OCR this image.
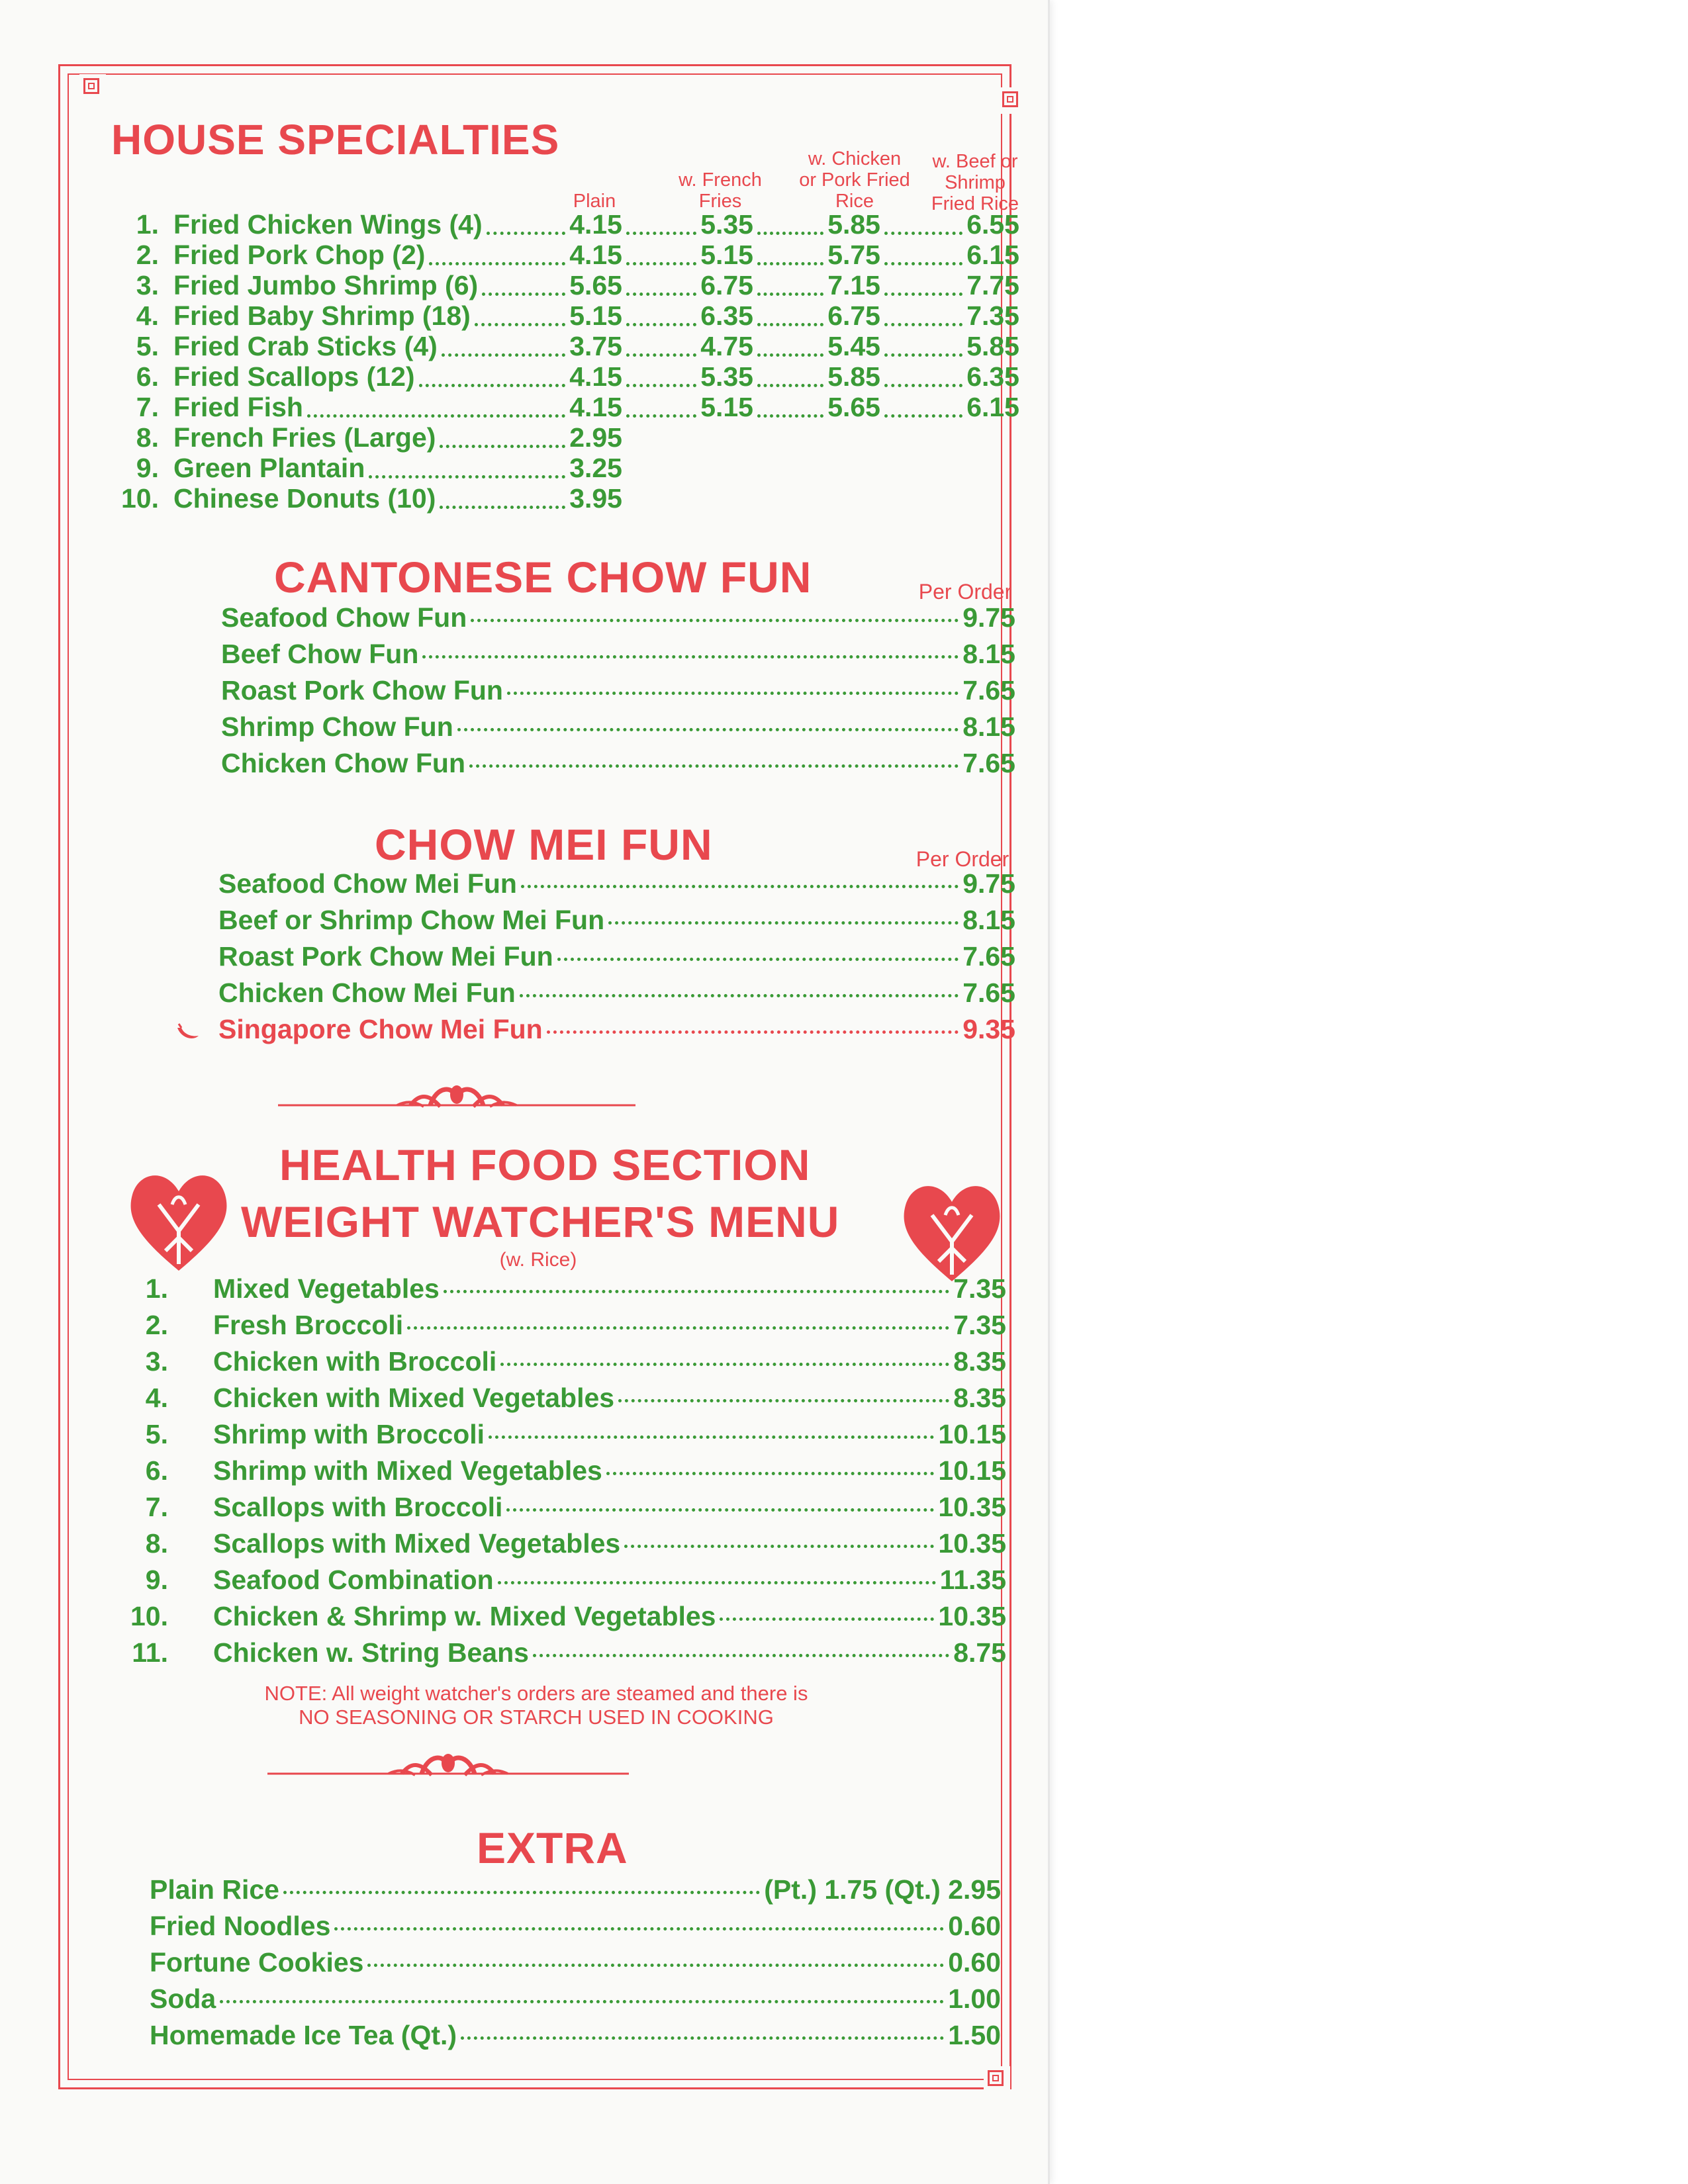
HOUSE SPECIALTIES
Plain
w. French Fries
w. Chicken or Pork Fried Rice
w. Beef or Shrimp Fried Rice
1. Fried Chicken Wings (4)	4.15	5.35	5.85	6.55
2. Fried Pork Chop (2)	4.15	5.15	5.75	6.15
3. Fried Jumbo Shrimp (6)	5.65	6.75	7.15	7.75
4. Fried Baby Shrimp (18)	5.15	6.35	6.75	7.35
5. Fried Crab Sticks (4)	3.75	4.75	5.45	5.85
6. Fried Scallops (12)	4.15	5.35	5.85	6.35
7. Fried Fish	4.15	5.15	5.65	6.15
8. French Fries (Large)	2.95
9. Green Plantain	3.25
10. Chinese Donuts (10)	3.95
CANTONESE CHOW FUN	Per Order
Seafood Chow Fun	9.75
Beef Chow Fun	8.15
Roast Pork Chow Fun	7.65
Shrimp Chow Fun	8.15
Chicken Chow Fun	7.65
CHOW MEI FUN	Per Order
Seafood Chow Mei Fun	9.75
Beef or Shrimp Chow Mei Fun	8.15
Roast Pork Chow Mei Fun	7.65
Chicken Chow Mei Fun	7.65
Singapore Chow Mei Fun	9.35
HEALTH FOOD SECTION
WEIGHT WATCHER'S MENU
(w. Rice)
1. Mixed Vegetables	7.35
2. Fresh Broccoli	7.35
3. Chicken with Broccoli	8.35
4. Chicken with Mixed Vegetables	8.35
5. Shrimp with Broccoli	10.15
6. Shrimp with Mixed Vegetables	10.15
7. Scallops with Broccoli	10.35
8. Scallops with Mixed Vegetables	10.35
9. Seafood Combination	11.35
10. Chicken & Shrimp w. Mixed Vegetables	10.35
11. Chicken w. String Beans	8.75
NOTE: All weight watcher's orders are steamed and there is
NO SEASONING OR STARCH USED IN COOKING
EXTRA
Plain Rice	(Pt.) 1.75 (Qt.) 2.95
Fried Noodles	0.60
Fortune Cookies	0.60
Soda	1.00
Homemade Ice Tea (Qt.)	1.50
